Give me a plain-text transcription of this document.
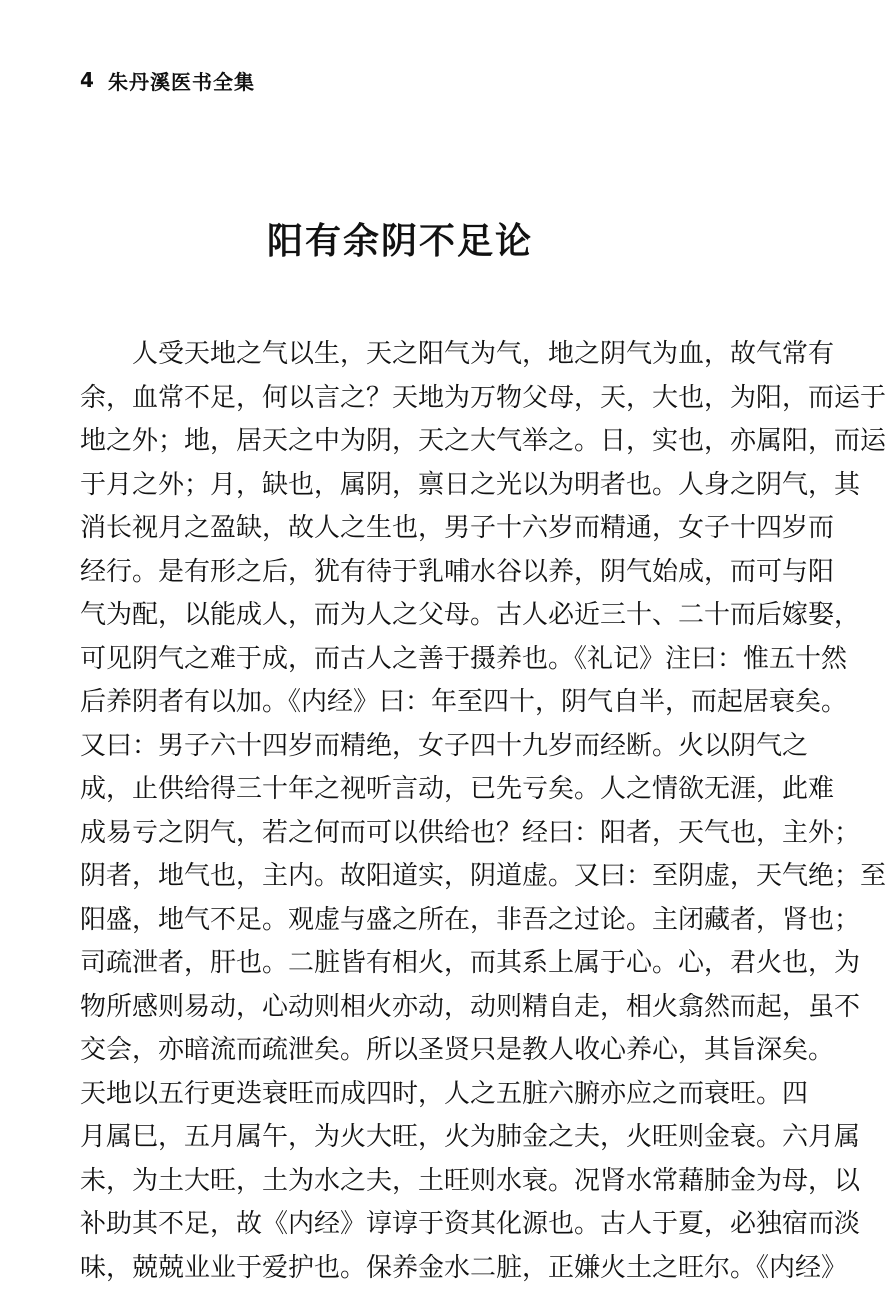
4 朱丹溪医书全集
阳有余阴不足论
人受天地之气以生，天之阳气为气，地之阴气为血，故气常有
余，血常不足，何以言之？天地为万物父母，天，大也，为阳，而运于
地之外；地，居天之中为阴，天之大气举之。日，实也，亦属阳，而运
于月之外；月，缺也，属阴，禀日之光以为明者也。人身之阴气，其
消长视月之盈缺，故人之生也，男子十六岁而精通，女子十四岁而
经行。是有形之后，犹有待于乳哺水谷以养，阴气始成，而可与阳
气为配，以能成人，而为人之父母。古人必近三十、二十而后嫁娶，
可见阴气之难于成，而古人之善于摄养也。《礼记》注曰：惟五十然
后养阴者有以加。《内经》曰：年至四十，阴气自半，而起居衰矣。
又曰：男子六十四岁而精绝，女子四十九岁而经断。火以阴气之
成，止供给得三十年之视听言动，已先亏矣。人之情欲无涯，此难
成易亏之阴气，若之何而可以供给也？经曰：阳者，天气也，主外；
阴者，地气也，主内。故阳道实，阴道虚。又曰：至阴虚，天气绝；至
阳盛，地气不足。观虚与盛之所在，非吾之过论。主闭藏者，肾也；
司疏泄者，肝也。二脏皆有相火，而其系上属于心。心，君火也，为
物所感则易动，心动则相火亦动，动则精自走，相火翕然而起，虽不
交会，亦暗流而疏泄矣。所以圣贤只是教人收心养心，其旨深矣。
天地以五行更迭衰旺而成四时，人之五脏六腑亦应之而衰旺。四
月属巳，五月属午，为火大旺，火为肺金之夫，火旺则金衰。六月属
未，为土大旺，土为水之夫，土旺则水衰。况肾水常藉肺金为母，以
补助其不足，故《内经》谆谆于资其化源也。古人于夏，必独宿而淡
味，兢兢业业于爱护也。保养金水二脏，正嫌火土之旺尔。《内经》
